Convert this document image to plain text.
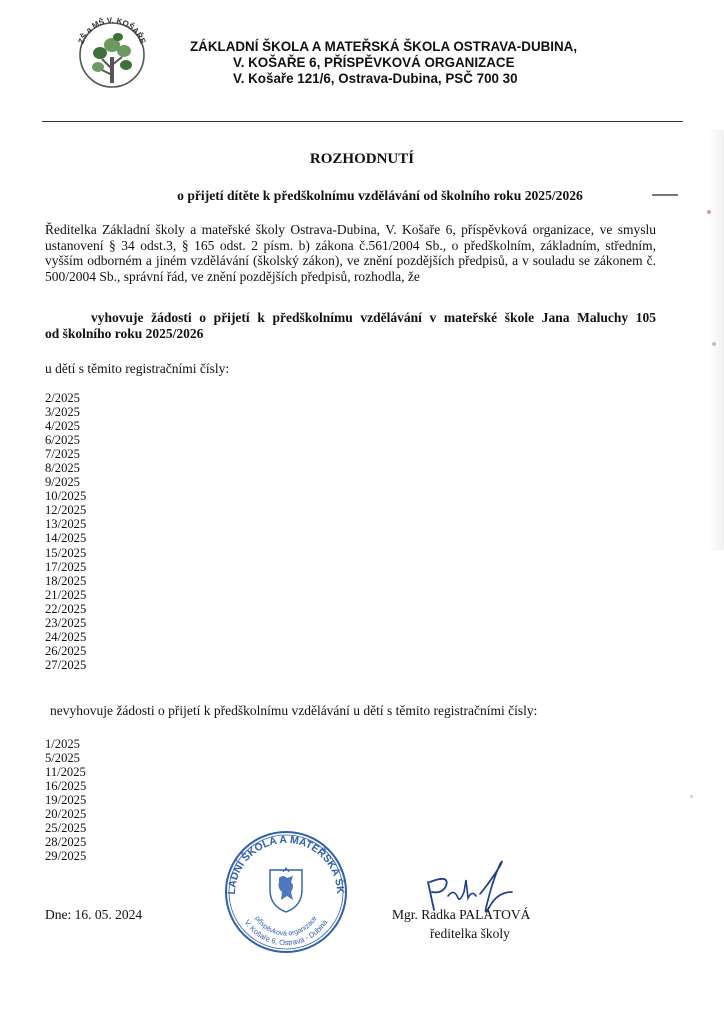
ZŠ a MŠ V. KOŠAŘE	ZÁKLADNÍ ŠKOLA A MATEŘSKÁ ŠKOLA OSTRAVA-DUBINA,
V. KOŠAŘE 6, PŘÍSPĚVKOVÁ ORGANIZACE
V. Košaře 121/6, Ostrava-Dubina, PSČ 700 30
ROZHODNUTÍ
o přijetí dítěte k předškolnímu vzdělávání od školního roku 2025/2026
Ředitelka Základní školy a mateřské školy Ostrava-Dubina, V. Košaře 6, příspěvková organizace, ve smyslu ustanovení § 34 odst.3, § 165 odst. 2 písm. b) zákona č.561/2004 Sb., o předškolním, základním, středním, vyšším odborném a jiném vzdělávání (školský zákon), ve znění pozdějších předpisů, a v souladu se zákonem č. 500/2004 Sb., správní řád, ve znění pozdějších předpisů, rozhodla, že
vyhovuje žádosti o přijetí k předškolnímu vzdělávání v mateřské škole Jana Maluchy 105
od školního roku 2025/2026
u dětí s těmito registračními čísly:
2/2025
3/2025
4/2025
6/2025
7/2025
8/2025
9/2025
10/2025
12/2025
13/2025
14/2025
15/2025
17/2025
18/2025
21/2025
22/2025
23/2025
24/2025
26/2025
27/2025
nevyhovuje žádosti o přijetí k předškolnímu vzdělávání u dětí s těmito registračními čísly:
1/2025
5/2025
11/2025
16/2025
19/2025
20/2025
25/2025
28/2025
29/2025
LADNÍ ŠKOLA A MATEŘSKÁ ŠK
příspěvková organizace
V. Košaře 6, Ostrava - Dubina
Dne: 16. 05. 2024	Mgr. Radka PALÁTOVÁ
ředitelka školy
